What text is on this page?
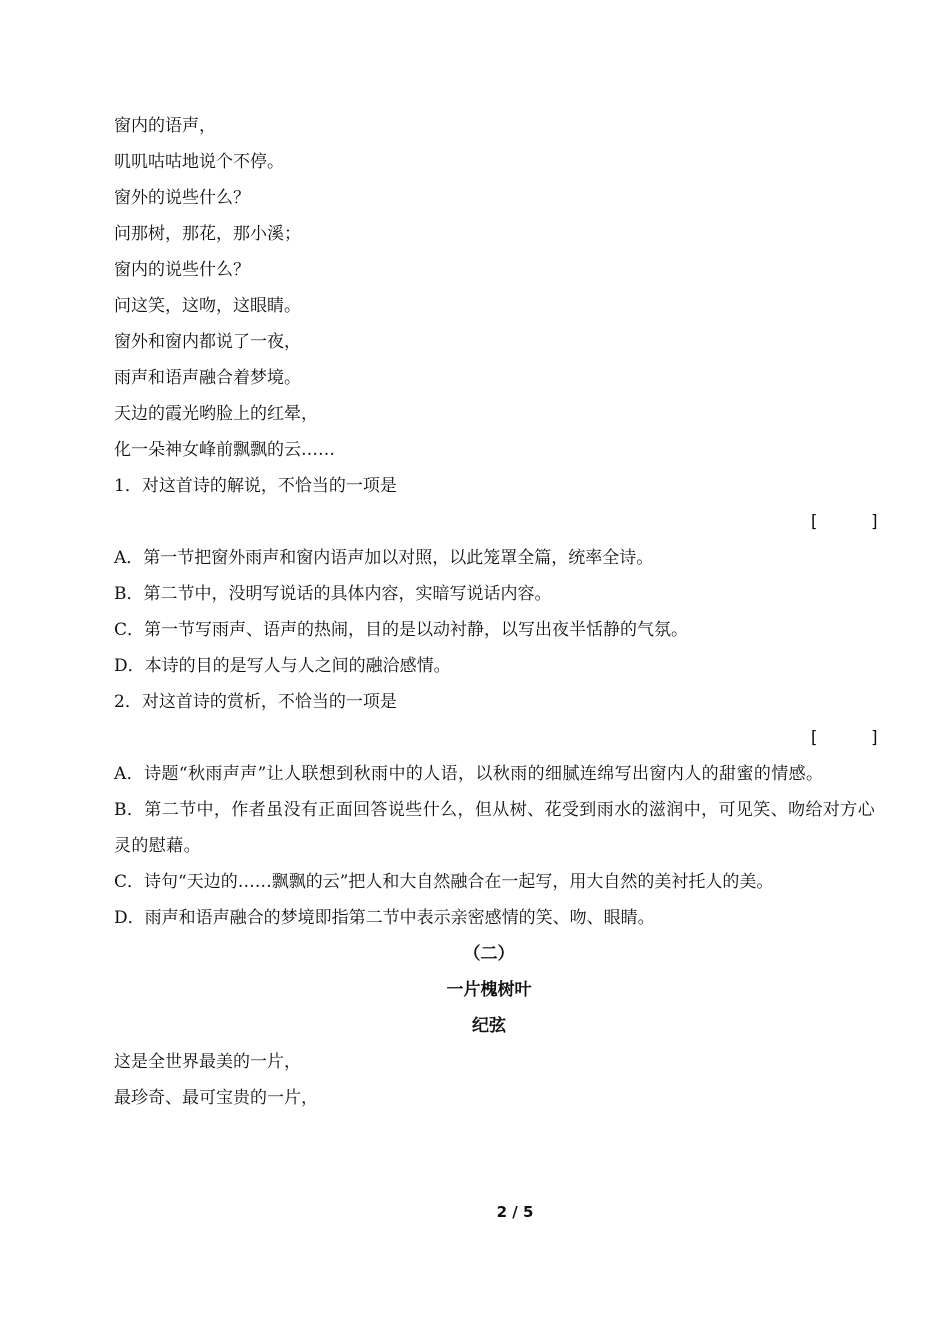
窗内的语声，
叽叽咕咕地说个不停。
窗外的说些什么？
问那树，那花，那小溪；
窗内的说些什么？
问这笑，这吻，这眼睛。
窗外和窗内都说了一夜，
雨声和语声融合着梦境。
天边的霞光哟脸上的红晕，
化一朵神女峰前飘飘的云……
1．对这首诗的解说，不恰当的一项是
[　　　]
A．第一节把窗外雨声和窗内语声加以对照，以此笼罩全篇，统率全诗。
B．第二节中，没明写说话的具体内容，实暗写说话内容。
C．第一节写雨声、语声的热闹，目的是以动衬静，以写出夜半恬静的气氛。
D．本诗的目的是写人与人之间的融洽感情。
2．对这首诗的赏析，不恰当的一项是
[　　　]
A．诗题“秋雨声声”让人联想到秋雨中的人语，以秋雨的细腻连绵写出窗内人的甜蜜的情感。
B．第二节中，作者虽没有正面回答说些什么，但从树、花受到雨水的滋润中，可见笑、吻给对方心灵的慰藉。
C．诗句“天边的……飘飘的云”把人和大自然融合在一起写，用大自然的美衬托人的美。
D．雨声和语声融合的梦境即指第二节中表示亲密感情的笑、吻、眼睛。
（二）
一片槐树叶
纪弦
这是全世界最美的一片，
最珍奇、最可宝贵的一片，
2 / 5
